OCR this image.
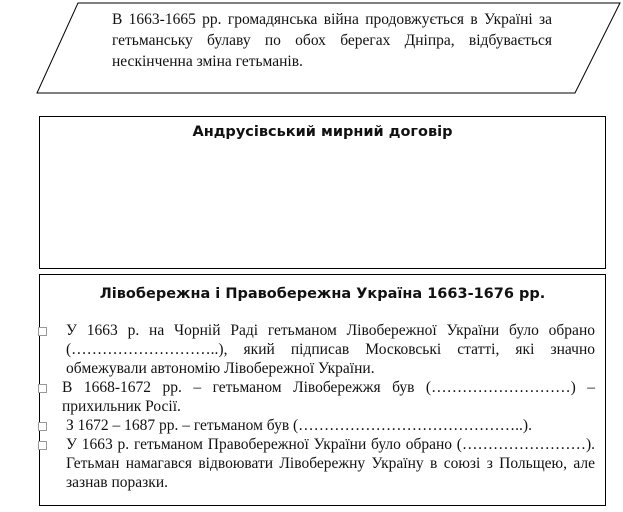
В 1663-1665 рр. громадянська війна продовжується в Україні за гетьманську булаву по обох берегах Дніпра, відбувається нескінченна зміна гетьманів.
Андрусівський мирний договір
Лівобережна і Правобережна Україна 1663-1676 рр.
У 1663 р. на Чорній Раді гетьманом Лівобережної України було обрано (………………………..), який підписав Московські статті, які значно обмежували автономію Лівобережної України.
В 1668-1672 рр. – гетьманом Лівобережжя був (………………………) – прихильник Росії.
З 1672 – 1687 рр. – гетьманом був (……………………………………..).
У 1663 р. гетьманом Правобережної України було обрано (……………………). Гетьман намагався відвоювати Лівобережну Україну в союзі з Польщею, але зазнав поразки.
